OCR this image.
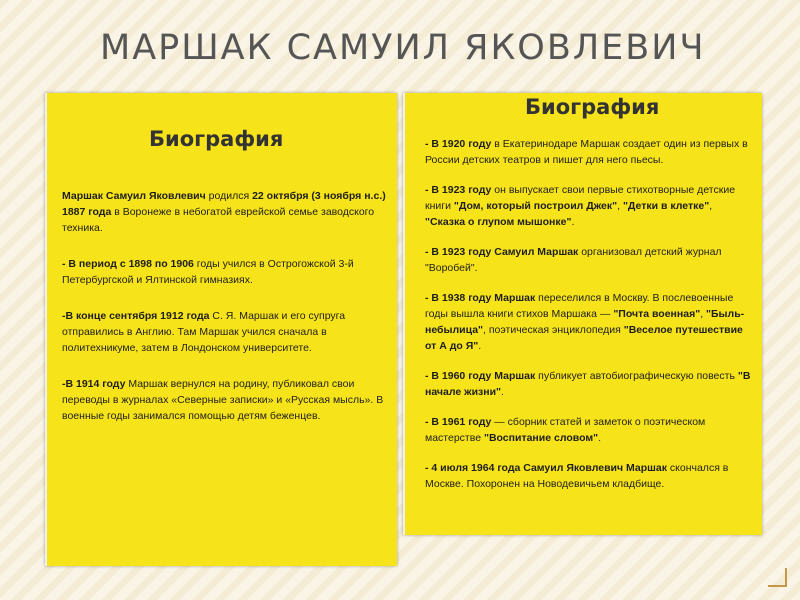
МАРШАК САМУИЛ ЯКОВЛЕВИЧ
Биография

Маршак Самуил Яковлевич родился 22 октября (3 ноября н.с.) 1887 года в Воронеже в небогатой еврейской семье заводского техника.

- В период с 1898 по 1906 годы учился в Острогожской 3-й Петербургской и Ялтинской гимназиях.

-В конце сентября 1912 года С. Я. Маршак и его супруга отправились в Англию. Там Маршак учился сначала в политехникуме, затем в Лондонском университете.

-В 1914 году Маршак вернулся на родину, публиковал свои переводы в журналах «Северные записки» и «Русская мысль». В военные годы занимался помощью детям беженцев.

Биография

- В 1920 году в Екатеринодаре Маршак создает один из первых в России детских театров и пишет для него пьесы.

- В 1923 году он выпускает свои первые стихотворные детские книги "Дом, который построил Джек", "Детки в клетке", "Сказка о глупом мышонке".

- В 1923 году Самуил Маршак организовал детский журнал "Воробей".

- В 1938 году Маршак переселился в Москву. В послевоенные годы вышла книги стихов Маршака — "Почта военная", "Быль-небылица", поэтическая энциклопедия "Веселое путешествие от А до Я".

- В 1960 году Маршак публикует автобиографическую повесть "В начале жизни".

- В 1961 году — сборник статей и заметок о поэтическом мастерстве "Воспитание словом".

- 4 июля 1964 года Самуил Яковлевич Маршак скончался в Москве. Похоронен на Новодевичьем кладбище.
